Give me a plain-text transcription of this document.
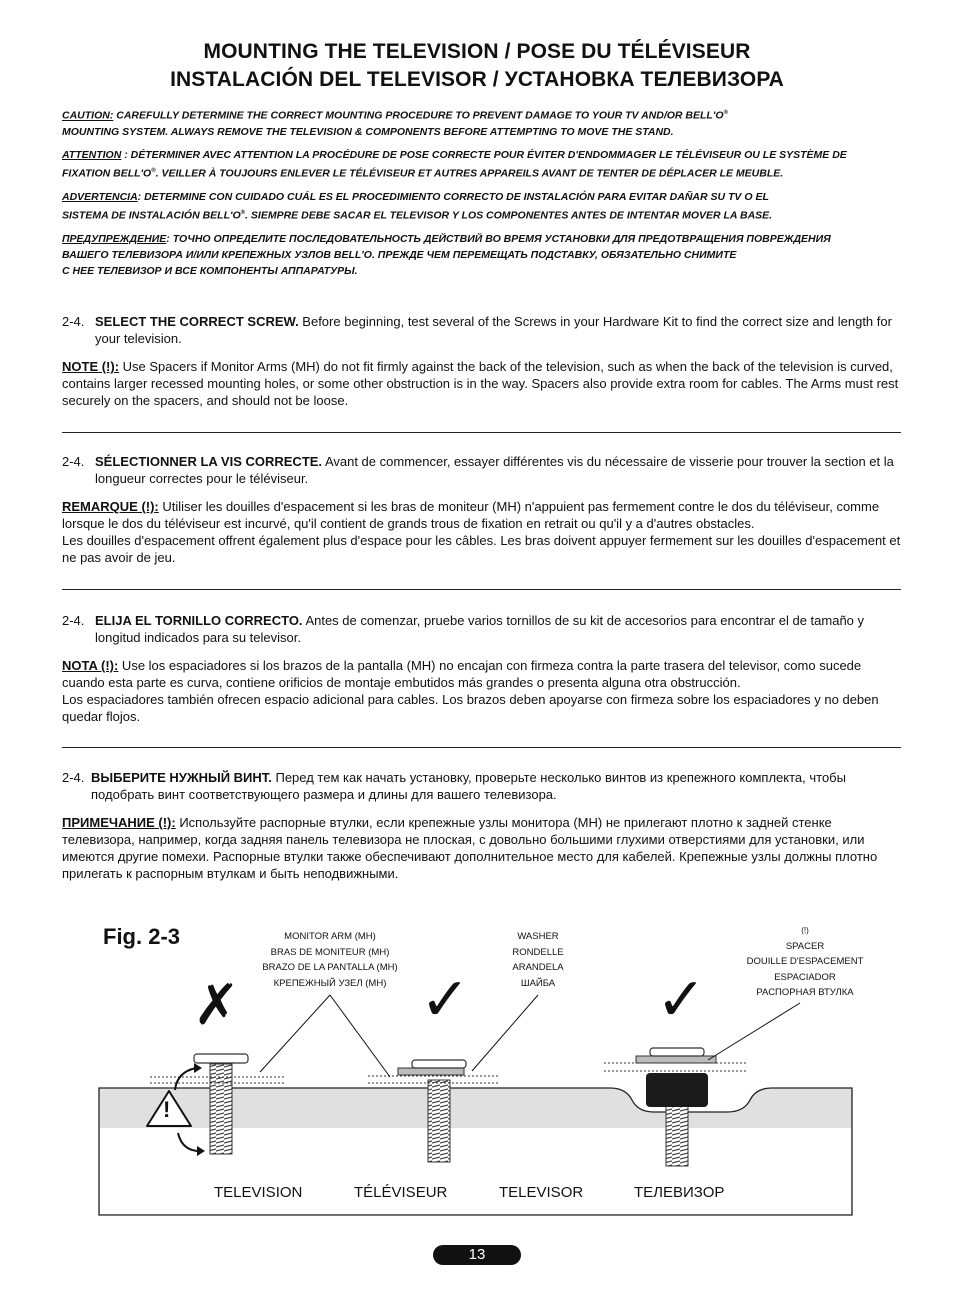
MOUNTING THE TELEVISION / POSE DU TÉLÉVISEUR
INSTALACIÓN DEL TELEVISOR / УСТАНОВКА ТЕЛЕВИЗОРА
CAUTION: CAREFULLY DETERMINE THE CORRECT MOUNTING PROCEDURE TO PREVENT DAMAGE TO YOUR TV AND/OR BELL'O®
MOUNTING SYSTEM. ALWAYS REMOVE THE TELEVISION & COMPONENTS BEFORE ATTEMPTING TO MOVE THE STAND.
ATTENTION : DÉTERMINER AVEC ATTENTION LA PROCÉDURE DE POSE CORRECTE POUR ÉVITER D'ENDOMMAGER LE TÉLÉVISEUR OU LE SYSTÈME DE
FIXATION BELL'O®. VEILLER À TOUJOURS ENLEVER LE TÉLÉVISEUR ET AUTRES APPAREILS AVANT DE TENTER DE DÉPLACER LE MEUBLE.
ADVERTENCIA: DETERMINE CON CUIDADO CUÁL ES EL PROCEDIMIENTO CORRECTO DE INSTALACIÓN PARA EVITAR DAÑAR SU TV O EL
SISTEMA DE INSTALACIÓN BELL'O®. SIEMPRE DEBE SACAR EL TELEVISOR Y LOS COMPONENTES ANTES DE INTENTAR MOVER LA BASE.
ПРЕДУПРЕЖДЕНИЕ: ТОЧНО ОПРЕДЕЛИТЕ ПОСЛЕДОВАТЕЛЬНОСТЬ ДЕЙСТВИЙ ВО ВРЕМЯ УСТАНОВКИ ДЛЯ ПРЕДОТВРАЩЕНИЯ ПОВРЕЖДЕНИЯ
ВАШЕГО ТЕЛЕВИЗОРА И/ИЛИ КРЕПЕЖНЫХ УЗЛОВ BELL'O. ПРЕЖДЕ ЧЕМ ПЕРЕМЕЩАТЬ ПОДСТАВКУ, ОБЯЗАТЕЛЬНО СНИМИТЕ
С НЕЕ ТЕЛЕВИЗОР И ВСЕ КОМПОНЕНТЫ АППАРАТУРЫ.
2-4. SELECT THE CORRECT SCREW. Before beginning, test several of the Screws in your Hardware Kit to find the correct size and length for your television.
NOTE (!): Use Spacers if Monitor Arms (MH) do not fit firmly against the back of the television, such as when the back of the television is curved, contains larger recessed mounting holes, or some other obstruction is in the way. Spacers also provide extra room for cables. The Arms must rest securely on the spacers, and should not be loose.
2-4. SÉLECTIONNER LA VIS CORRECTE. Avant de commencer, essayer différentes vis du nécessaire de visserie pour trouver la section et la longueur correctes pour le téléviseur.
REMARQUE (!): Utiliser les douilles d'espacement si les bras de moniteur (MH) n'appuient pas fermement contre le dos du téléviseur, comme lorsque le dos du téléviseur est incurvé, qu'il contient de grands trous de fixation en retrait ou qu'il y a d'autres obstacles.
Les douilles d'espacement offrent également plus d'espace pour les câbles. Les bras doivent appuyer fermement sur les douilles d'espacement et ne pas avoir de jeu.
2-4. ELIJA EL TORNILLO CORRECTO. Antes de comenzar, pruebe varios tornillos de su kit de accesorios para encontrar el de tamaño y longitud indicados para su televisor.
NOTA (!): Use los espaciadores si los brazos de la pantalla (MH) no encajan con firmeza contra la parte trasera del televisor, como sucede cuando esta parte es curva, contiene orificios de montaje embutidos más grandes o presenta alguna otra obstrucción.
Los espaciadores también ofrecen espacio adicional para cables. Los brazos deben apoyarse con firmeza sobre los espaciadores y no deben quedar flojos.
2-4. ВЫБЕРИТЕ НУЖНЫЙ ВИНТ. Перед тем как начать установку, проверьте несколько винтов из крепежного комплекта, чтобы подобрать винт соответствующего размера и длины для вашего телевизора.
ПРИМЕЧАНИЕ (!): Используйте распорные втулки, если крепежные узлы монитора (MH) не прилегают плотно к задней стенке телевизора, например, когда задняя панель телевизора не плоская, с довольно большими глухими отверстиями для установки, или имеются другие помехи. Распорные втулки также обеспечивают дополнительное место для кабелей. Крепежные узлы должны плотно прилегать к распорным втулкам и быть неподвижными.
Fig. 2-3	MONITOR ARM (MH)
BRAS DE MONITEUR (MH)
BRAZO DE LA PANTALLA (MH)
КРЕПЕЖНЫЙ УЗЕЛ (MH)
WASHER
RONDELLE
ARANDELA
ШАЙБА
(!)
SPACER
DOUILLE D'ESPACEMENT
ESPACIADOR
РАСПОРНАЯ ВТУЛКА
✗	✓	✓
!
TELEVISION	TÉLÉVISEUR	TELEVISOR	ТЕЛЕВИЗОР
13
